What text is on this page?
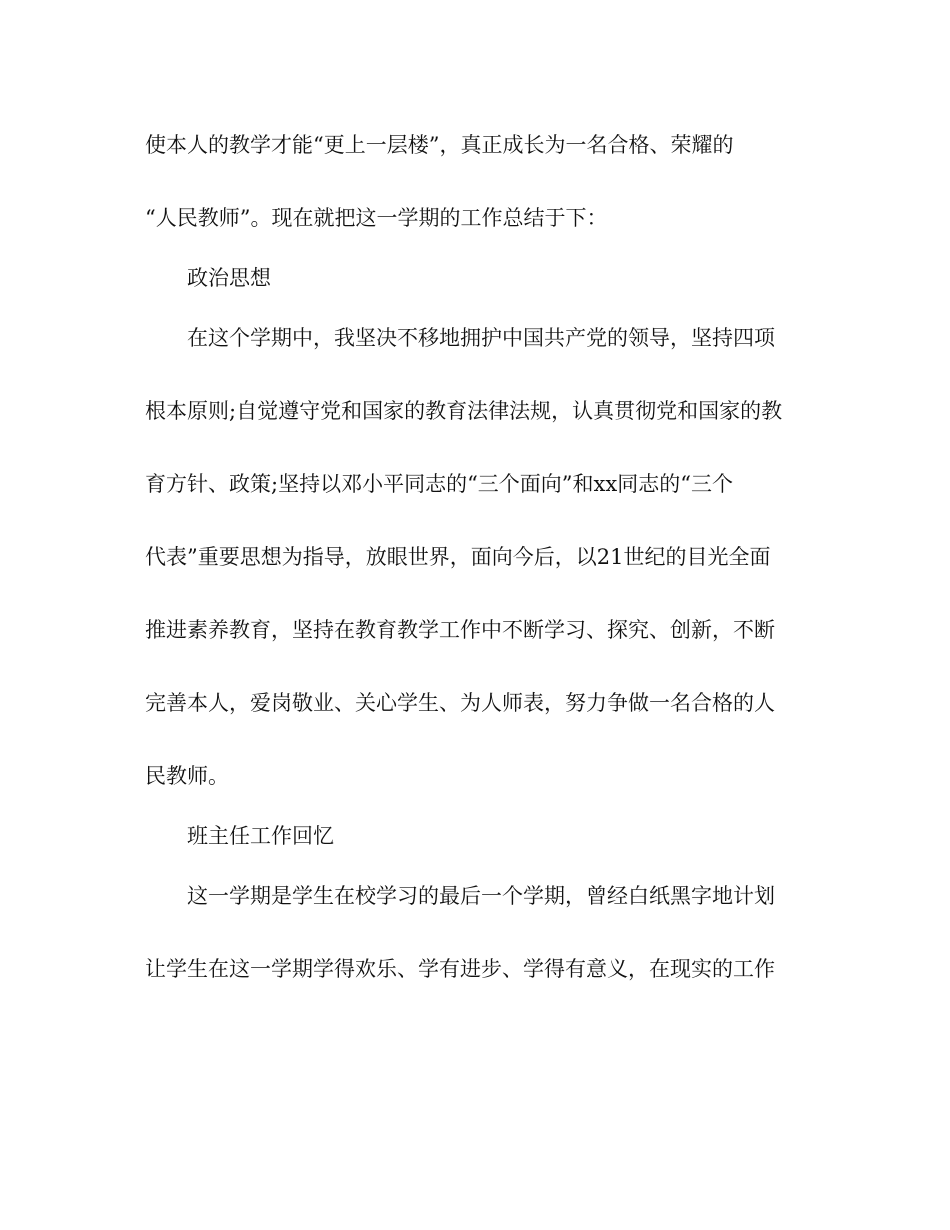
使本人的教学才能“更上一层楼”，真正成长为一名合格、荣耀的

“人民教师”。现在就把这一学期的工作总结于下：

政治思想

在这个学期中，我坚决不移地拥护中国共产党的领导，坚持四项

根本原则;自觉遵守党和国家的教育法律法规，认真贯彻党和国家的教

育方针、政策;坚持以邓小平同志的“三个面向”和xx同志的“三个

代表”重要思想为指导，放眼世界，面向今后，以21世纪的目光全面

推进素养教育，坚持在教育教学工作中不断学习、探究、创新，不断

完善本人，爱岗敬业、关心学生、为人师表，努力争做一名合格的人

民教师。

班主任工作回忆

这一学期是学生在校学习的最后一个学期，曾经白纸黑字地计划

让学生在这一学期学得欢乐、学有进步、学得有意义，在现实的工作
